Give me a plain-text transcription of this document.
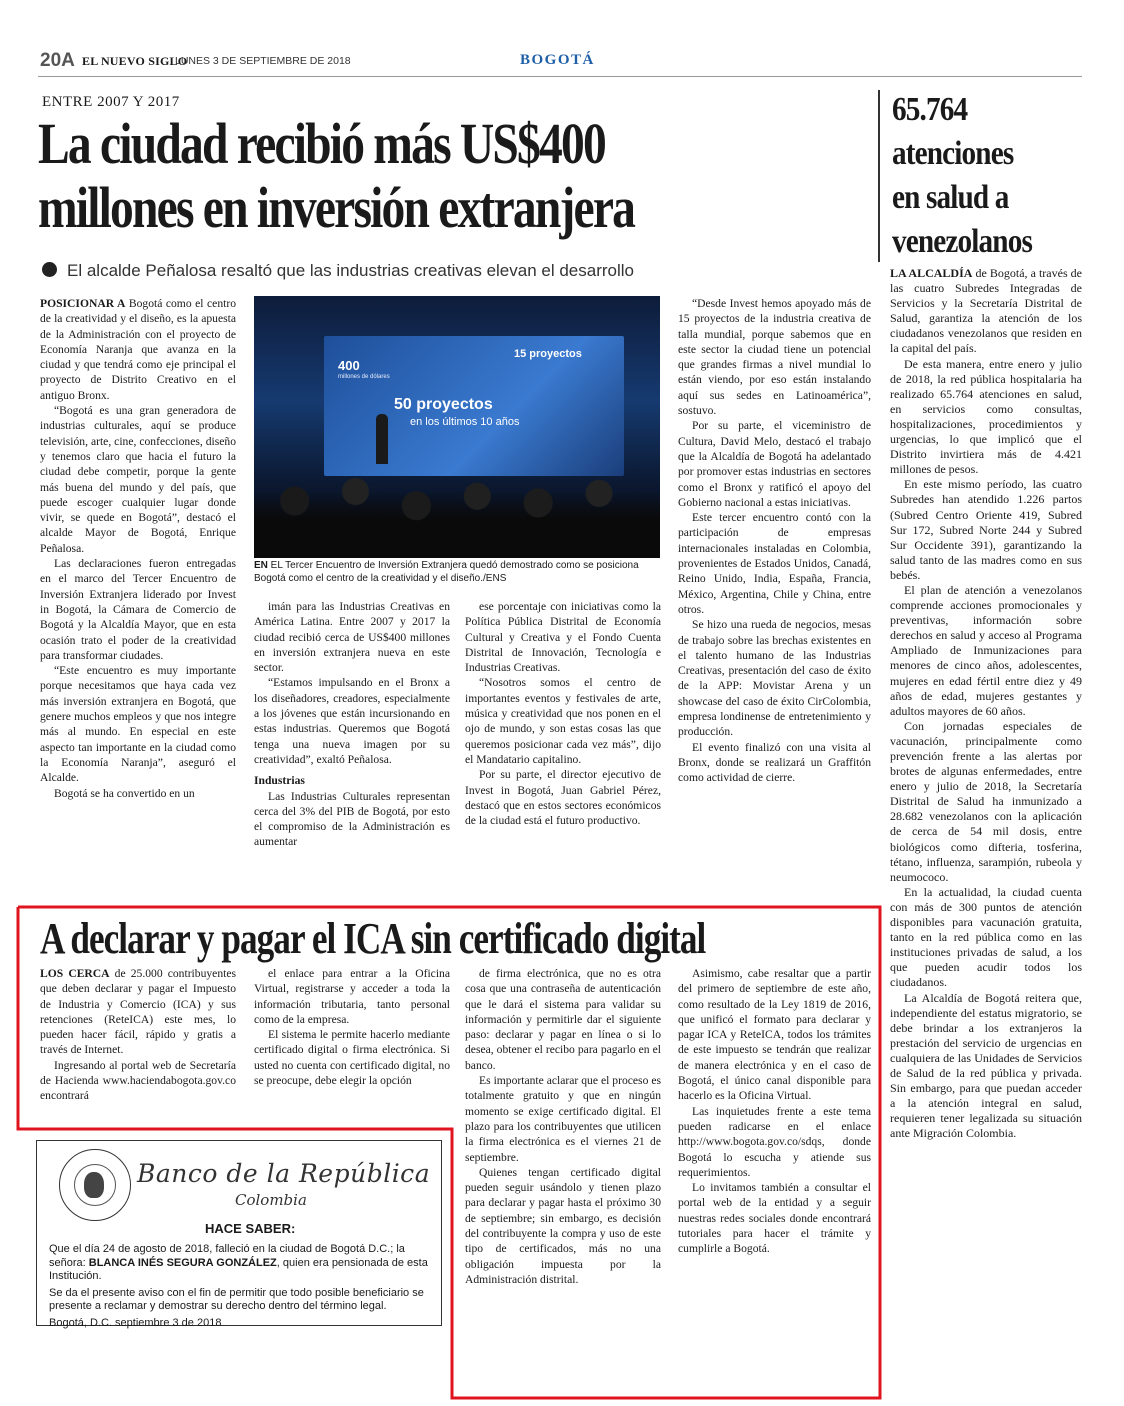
20A EL NUEVO SIGLO
LUNES 3 DE SEPTIEMBRE DE 2018	BOGOTÁ
ENTRE 2007 Y 2017
La ciudad recibió más US$400
millones en inversión extranjera
El alcalde Peñalosa resaltó que las industrias creativas elevan el desarrollo

POSICIONAR A Bogotá como el centro de la creatividad y el diseño, es la apuesta de la Administración con el proyecto de Economía Naranja que avanza en la ciudad y que tendrá como eje principal el proyecto de Distrito Creativo en el antiguo Bronx.

“Bogotá es una gran generadora de industrias culturales, aquí se produce televisión, arte, cine, confecciones, diseño y tenemos claro que hacia el futuro la ciudad debe competir, porque la gente más buena del mundo y del país, que puede escoger cualquier lugar donde vivir, se quede en Bogotá”, destacó el alcalde Mayor de Bogotá, Enrique Peñalosa.

Las declaraciones fueron entregadas en el marco del Tercer Encuentro de Inversión Extranjera liderado por Invest in Bogotá, la Cámara de Comercio de Bogotá y la Alcaldía Mayor, que en esta ocasión trato el poder de la creatividad para transformar ciudades.

“Este encuentro es muy importante porque necesitamos que haya cada vez más inversión extranjera en Bogotá, que genere muchos empleos y que nos integre más al mundo. En especial en este aspecto tan importante en la ciudad como la Economía Naranja”, aseguró el Alcalde.

Bogotá se ha convertido en un

imán para las Industrias Creativas en América Latina. Entre 2007 y 2017 la ciudad recibió cerca de US$400 millones en inversión extranjera nueva en este sector.

“Estamos impulsando en el Bronx a los diseñadores, creadores, especialmente a los jóvenes que están incursionando en estas industrias. Queremos que Bogotá tenga una nueva imagen por su creatividad”, exaltó Peñalosa.

Industrias

Las Industrias Culturales representan cerca del 3% del PIB de Bogotá, por esto el compromiso de la Administración es aumentar

ese porcentaje con iniciativas como la Política Pública Distrital de Economía Cultural y Creativa y el Fondo Cuenta Distrital de Innovación, Tecnología e Industrias Creativas.

“Nosotros somos el centro de importantes eventos y festivales de arte, música y creatividad que nos ponen en el ojo de mundo, y son estas cosas las que queremos posicionar cada vez más”, dijo el Mandatario capitalino.

Por su parte, el director ejecutivo de Invest in Bogotá, Juan Gabriel Pérez, destacó que en estos sectores económicos de la ciudad está el futuro productivo.

“Desde Invest hemos apoyado más de 15 proyectos de la industria creativa de talla mundial, porque sabemos que en este sector la ciudad tiene un potencial que grandes firmas a nivel mundial lo están viendo, por eso están instalando aquí sus sedes en Latinoamérica”, sostuvo.

Por su parte, el viceministro de Cultura, David Melo, destacó el trabajo que la Alcaldía de Bogotá ha adelantado por promover estas industrias en sectores como el Bronx y ratificó el apoyo del Gobierno nacional a estas iniciativas.

Este tercer encuentro contó con la participación de empresas internacionales instaladas en Colombia, provenientes de Estados Unidos, Canadá, Reino Unido, India, España, Francia, México, Argentina, Chile y China, entre otros.

Se hizo una rueda de negocios, mesas de trabajo sobre las brechas existentes en el talento humano de las Industrias Creativas, presentación del caso de éxito de la APP: Movistar Arena y un showcase del caso de éxito CirColombia, empresa londinense de entretenimiento y producción.

El evento finalizó con una visita al Bronx, donde se realizará un Graffitón como actividad de cierre.

400
millones de dólares
15 proyectos
50 proyectos
en los últimos 10 años
EN EL Tercer Encuentro de Inversión Extranjera quedó demostrado como se posiciona Bogotá como el centro de la creatividad y el diseño./ENS
65.764
atenciones
en salud a
venezolanos

LA ALCALDÍA de Bogotá, a través de las cuatro Subredes Integradas de Servicios y la Secretaría Distrital de Salud, garantiza la atención de los ciudadanos venezolanos que residen en la capital del país.

De esta manera, entre enero y julio de 2018, la red pública hospitalaria ha realizado 65.764 atenciones en salud, en servicios como consultas, hospitalizaciones, procedimientos y urgencias, lo que implicó que el Distrito invirtiera más de 4.421 millones de pesos.

En este mismo período, las cuatro Subredes han atendido 1.226 partos (Subred Centro Oriente 419, Subred Sur 172, Subred Norte 244 y Subred Sur Occidente 391), garantizando la salud tanto de las madres como en sus bebés.

El plan de atención a venezolanos comprende acciones promocionales y preventivas, información sobre derechos en salud y acceso al Programa Ampliado de Inmunizaciones para menores de cinco años, adolescentes, mujeres en edad fértil entre diez y 49 años de edad, mujeres gestantes y adultos mayores de 60 años.

Con jornadas especiales de vacunación, principalmente como prevención frente a las alertas por brotes de algunas enfermedades, entre enero y julio de 2018, la Secretaría Distrital de Salud ha inmunizado a 28.682 venezolanos con la aplicación de cerca de 54 mil dosis, entre biológicos como difteria, tosferina, tétano, influenza, sarampión, rubeola y neumococo.

En la actualidad, la ciudad cuenta con más de 300 puntos de atención disponibles para vacunación gratuita, tanto en la red pública como en las instituciones privadas de salud, a los que pueden acudir todos los ciudadanos.

La Alcaldía de Bogotá reitera que, independiente del estatus migratorio, se debe brindar a los extranjeros la prestación del servicio de urgencias en cualquiera de las Unidades de Servicios de Salud de la red pública y privada. Sin embargo, para que puedan acceder a la atención integral en salud, requieren tener legalizada su situación ante Migración Colombia.

A declarar y pagar el ICA sin certificado digital

LOS CERCA de 25.000 contribuyentes que deben declarar y pagar el Impuesto de Industria y Comercio (ICA) y sus retenciones (ReteICA) este mes, lo pueden hacer fácil, rápido y gratis a través de Internet.

Ingresando al portal web de Secretaría de Hacienda www.haciendabogota.gov.co encontrará

el enlace para entrar a la Oficina Virtual, registrarse y acceder a toda la información tributaria, tanto personal como de la empresa.

El sistema le permite hacerlo mediante certificado digital o firma electrónica. Si usted no cuenta con certificado digital, no se preocupe, debe elegir la opción

de firma electrónica, que no es otra cosa que una contraseña de autenticación que le dará el sistema para validar su información y permitirle dar el siguiente paso: declarar y pagar en línea o si lo desea, obtener el recibo para pagarlo en el banco.

Es importante aclarar que el proceso es totalmente gratuito y que en ningún momento se exige certificado digital. El plazo para los contribuyentes que utilicen la firma electrónica es el viernes 21 de septiembre.

Quienes tengan certificado digital pueden seguir usándolo y tienen plazo para declarar y pagar hasta el próximo 30 de septiembre; sin embargo, es decisión del contribuyente la compra y uso de este tipo de certificados, más no una obligación impuesta por la Administración distrital.

Asimismo, cabe resaltar que a partir del primero de septiembre de este año, como resultado de la Ley 1819 de 2016, que unificó el formato para declarar y pagar ICA y ReteICA, todos los trámites de este impuesto se tendrán que realizar de manera electrónica y en el caso de Bogotá, el único canal disponible para hacerlo es la Oficina Virtual.

Las inquietudes frente a este tema pueden radicarse en el enlace http://www.bogota.gov.co/sdqs, donde Bogotá lo escucha y atiende sus requerimientos.

Lo invitamos también a consultar el portal web de la entidad y a seguir nuestras redes sociales donde encontrará tutoriales para hacer el trámite y cumplirle a Bogotá.

Banco de la República
Colombia
HACE SABER:

Que el día 24 de agosto de 2018, falleció en la ciudad de Bogotá D.C.; la señora: BLANCA INÉS SEGURA GONZÁLEZ, quien era pensionada de esta Institución.

Se da el presente aviso con el fin de permitir que todo posible beneficiario se presente a reclamar y demostrar su derecho dentro del término legal.

Bogotá, D.C. septiembre 3 de 2018
